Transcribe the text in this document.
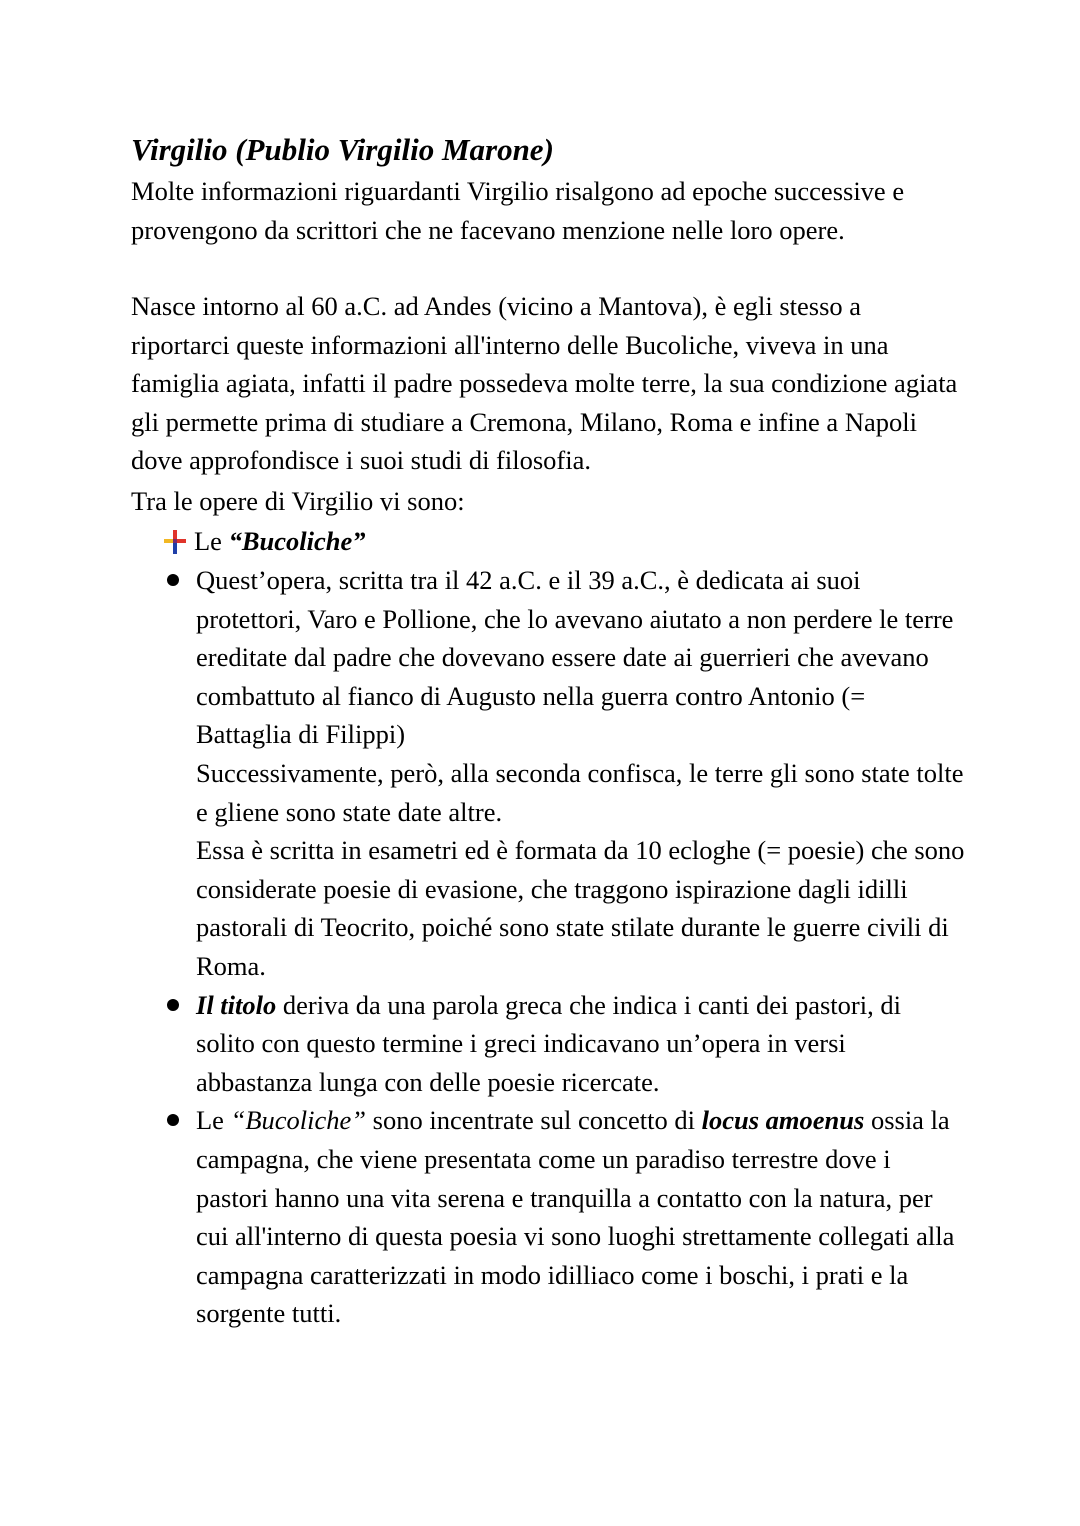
Virgilio (Publio Virgilio Marone)

Molte informazioni riguardanti Virgilio risalgono ad epoche successive e provengono da scrittori che ne facevano menzione nelle loro opere.

Nasce intorno al 60 a.C. ad Andes (vicino a Mantova), è egli stesso a riportarci queste informazioni all'interno delle Bucoliche, viveva in una famiglia agiata, infatti il padre possedeva molte terre, la sua condizione agiata gli permette prima di studiare a Cremona, Milano, Roma e infine a Napoli dove approfondisce i suoi studi di filosofia.

Tra le opere di Virgilio vi sono:

Le “Bucoliche”

Quest’opera, scritta tra il 42 a.C. e il 39 a.C., è dedicata ai suoi protettori, Varo e Pollione, che lo avevano aiutato a non perdere le terre ereditate dal padre che dovevano essere date ai guerrieri che avevano combattuto al fianco di Augusto nella guerra contro Antonio (= Battaglia di Filippi)

Successivamente, però, alla seconda confisca, le terre gli sono state tolte e gliene sono state date altre.

Essa è scritta in esametri ed è formata da 10 ecloghe (= poesie) che sono considerate poesie di evasione, che traggono ispirazione dagli idilli pastorali di Teocrito, poiché sono state stilate durante le guerre civili di Roma.

Il titolo deriva da una parola greca che indica i canti dei pastori, di solito con questo termine i greci indicavano un’opera in versi abbastanza lunga con delle poesie ricercate.

Le “Bucoliche” sono incentrate sul concetto di locus amoenus ossia la campagna, che viene presentata come un paradiso terrestre dove i pastori hanno una vita serena e tranquilla a contatto con la natura, per cui all'interno di questa poesia vi sono luoghi strettamente collegati alla campagna caratterizzati in modo idilliaco come i boschi, i prati e la sorgente tutti.
